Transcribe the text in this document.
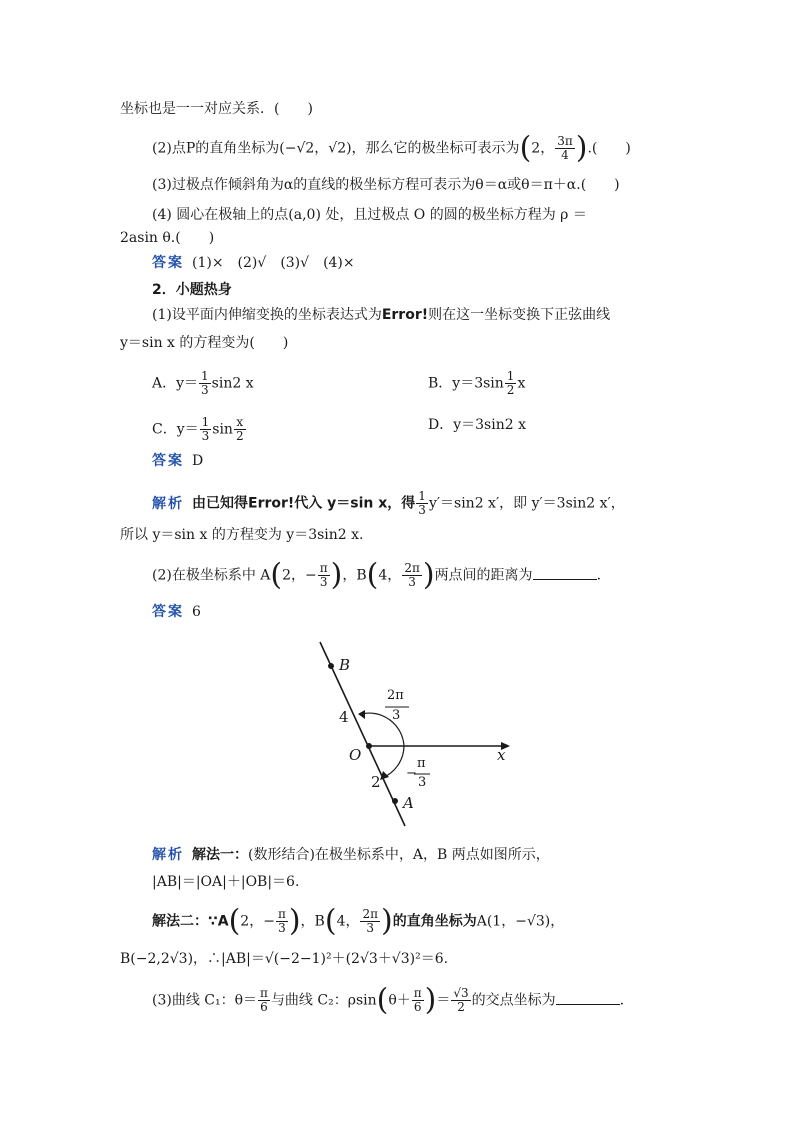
坐标也是一一对应关系．(　　)
(2)点P的直角坐标为(−√2，√2)，那么它的极坐标可表示为(2， $\frac{3\pi}{4}$ ).(　　)
(3)过极点作倾斜角为α的直线的极坐标方程可表示为θ＝α或θ＝π＋α.(　　)
(4) 圆心在极轴上的点(a,0) 处，且过极点 O 的圆的极坐标方程为 ρ ＝
2asin θ.(　　)
答案 (1)×　(2)√　(3)√　(4)×
2．小题热身
(1)设平面内伸缩变换的坐标表达式为Error!则在这一坐标变换下正弦曲线
y＝sin x 的方程变为(　　)
A．$y= \frac{1}{3} \sin 2$ x	B．$y=3\sin \frac{1}{2}$ x
C．$y= \frac{1}{3}$ $\sin \frac{x}{2}$	D．y＝3sin2 x
答案 D
解析 由已知得Error!代入 y＝sin x，得 $\frac{1}{3} y'=\sin 2$ x′，即 y′＝3sin2 x′，
所以 y＝sin x 的方程变为 y＝3sin2 x.
(2)在极坐标系中 A(2，− $\frac{\pi}{3}$ )，B(4， $\frac{2\pi}{3}$ )两点间的距离为	.
答案 6
B
A
O	x
4
2
2π
3
−
π
3
解析 解法一：(数形结合)在极坐标系中，A，B 两点如图所示，
|AB|＝|OA|＋|OB|＝6.
解法二：∵A(2，− $\frac{\pi}{3}$ )，B(4， $\frac{2\pi}{3}$ )的直角坐标为A(1，−√3)，
B(−2,2√3)，∴|AB|＝√(−2−1)²＋(2√3＋√3)²＝6.
(3)曲线 C₁：$\theta= \frac{\pi}{6}$ 与曲线 C₂：$\rho\sin(\theta+ \frac{\pi}{6}$ )＝ $\frac{√3}{2}$ 的交点坐标为	.
